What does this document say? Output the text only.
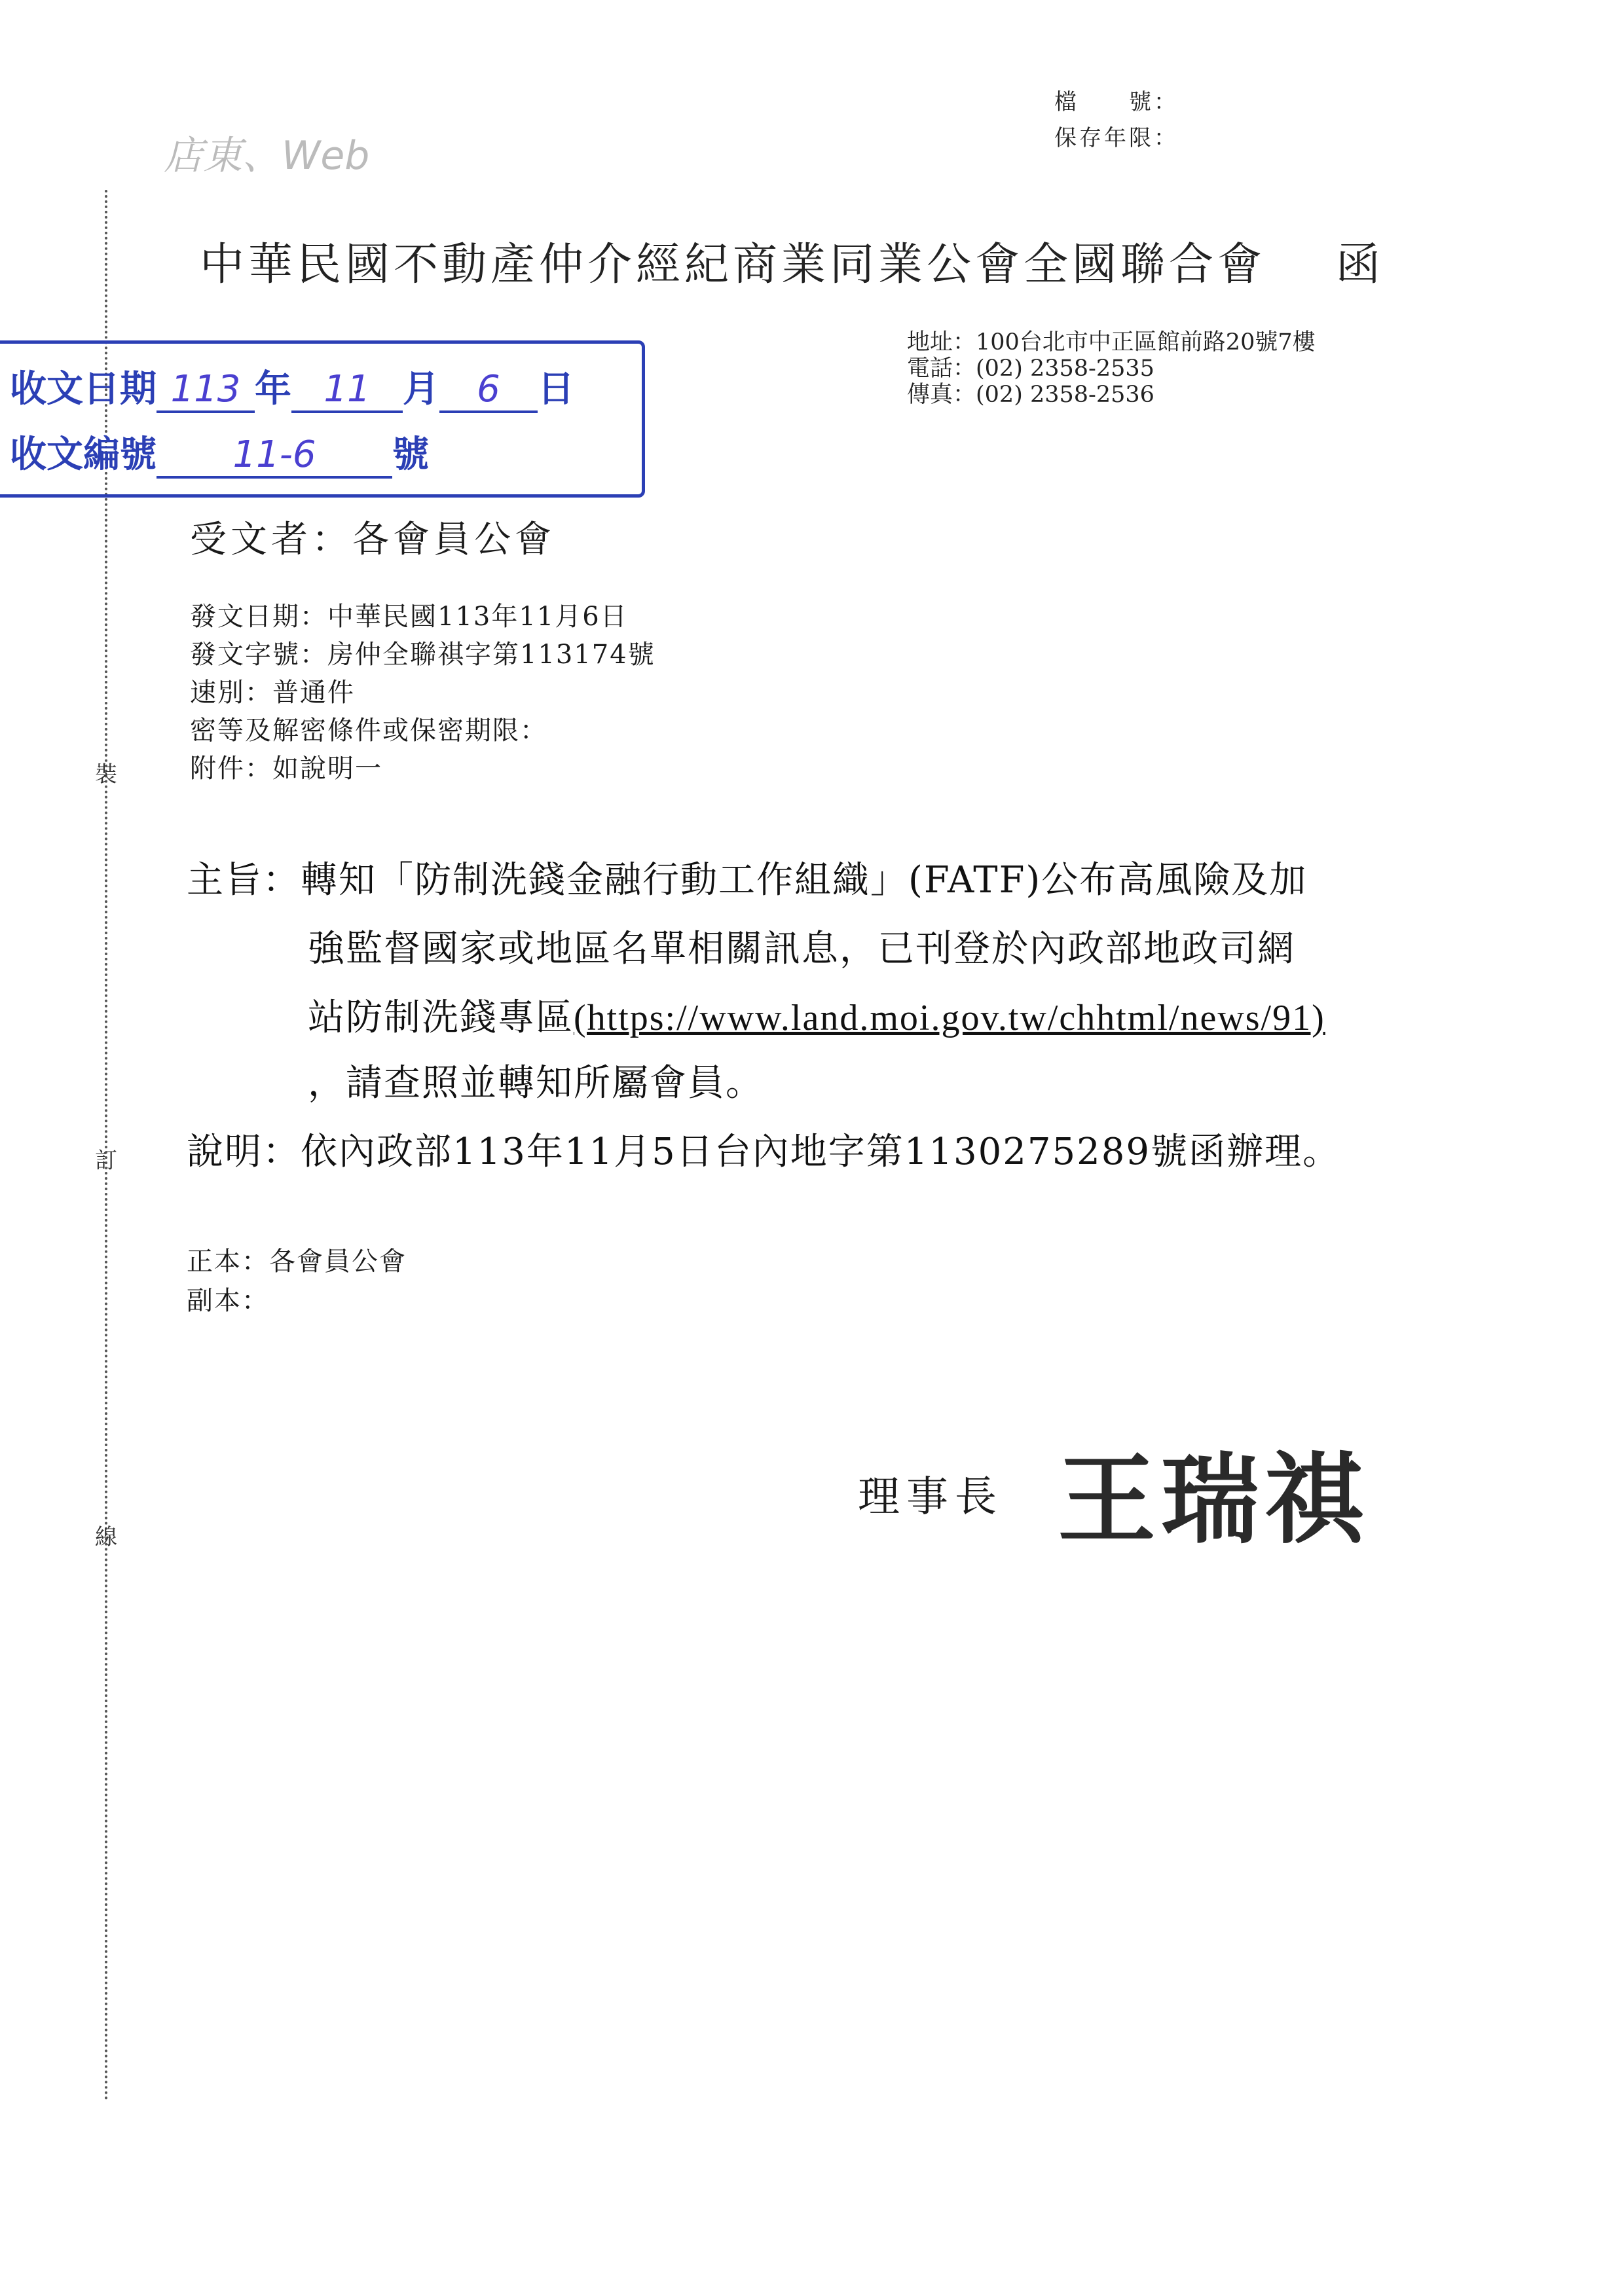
裝
訂
線
檔　　號：
保存年限：
店東、Web
中華民國不動產仲介經紀商業同業公會全國聯合會 函
地址：100台北市中正區館前路20號7樓
電話：(02) 2358-2535
傳真：(02) 2358-2536
收文日期 113 年 11 月 6 日
收文編號 11-6 號
受文者：各會員公會
發文日期：中華民國113年11月6日
發文字號：房仲全聯祺字第113174號
速別：普通件
密等及解密條件或保密期限：
附件：如說明一
主旨：轉知「防制洗錢金融行動工作組織」(FATF)公布高風險及加
強監督國家或地區名單相關訊息，已刊登於內政部地政司網
站防制洗錢專區(https://www.land.moi.gov.tw/chhtml/news/91)
，請查照並轉知所屬會員。
說明：依內政部113年11月5日台內地字第1130275289號函辦理。
正本：各會員公會
副本：
理事長 王瑞祺
